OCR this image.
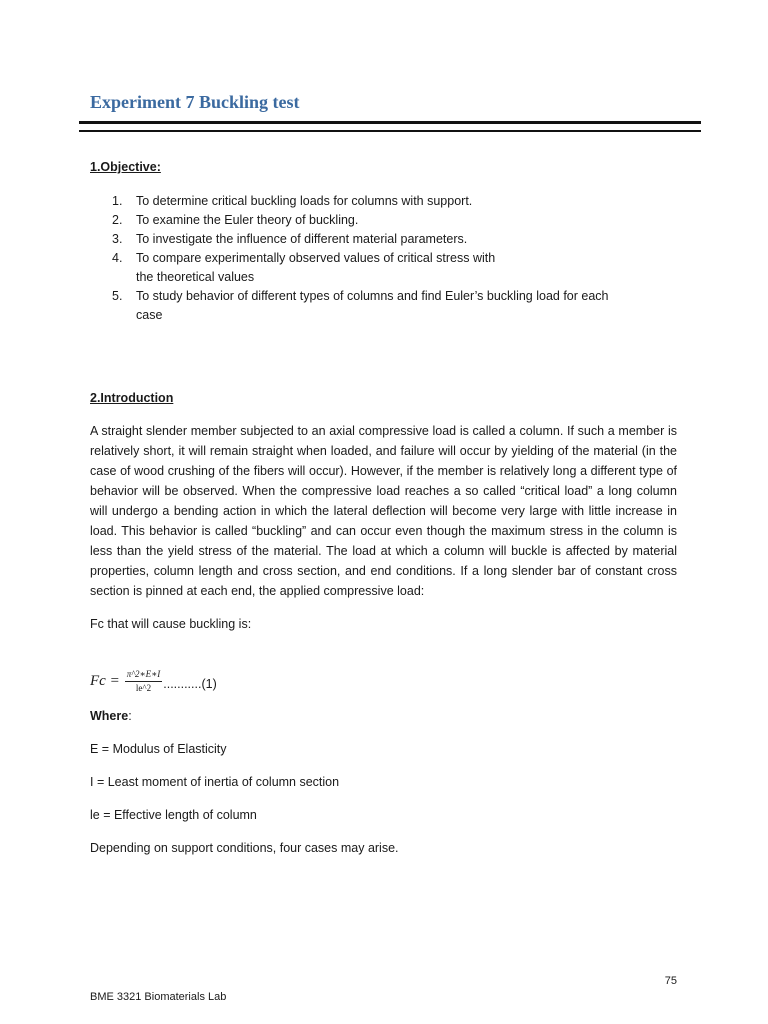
Experiment 7 Buckling test
1.Objective:
1. To determine critical buckling loads for columns with support.
2. To examine the Euler theory of buckling.
3. To investigate the influence of different material parameters.
4. To compare experimentally observed values of critical stress with the theoretical values
5. To study behavior of different types of columns and find Euler’s buckling load for each case
2.Introduction

A straight slender member subjected to an axial compressive load is called a column. If such a member is relatively short, it will remain straight when loaded, and failure will occur by yielding of the material (in the case of wood crushing of the fibers will occur). However, if the member is relatively long a different type of behavior will be observed. When the compressive load reaches a so called “critical load” a long column will undergo a bending action in which the lateral deflection will become very large with little increase in load. This behavior is called “buckling” and can occur even though the maximum stress in the column is less than the yield stress of the material. The load at which a column will buckle is affected by material properties, column length and cross section, and end conditions. If a long slender bar of constant cross section is pinned at each end, the applied compressive load:

Fc that will cause buckling is:

$Fc = \frac{\pi\^{}2∗E∗I}{le\^{}2} ...........(1)$

Where:

E = Modulus of Elasticity

I = Least moment of inertia of column section

le = Effective length of column

Depending on support conditions, four cases may arise.

75

BME 3321 Biomaterials Lab
